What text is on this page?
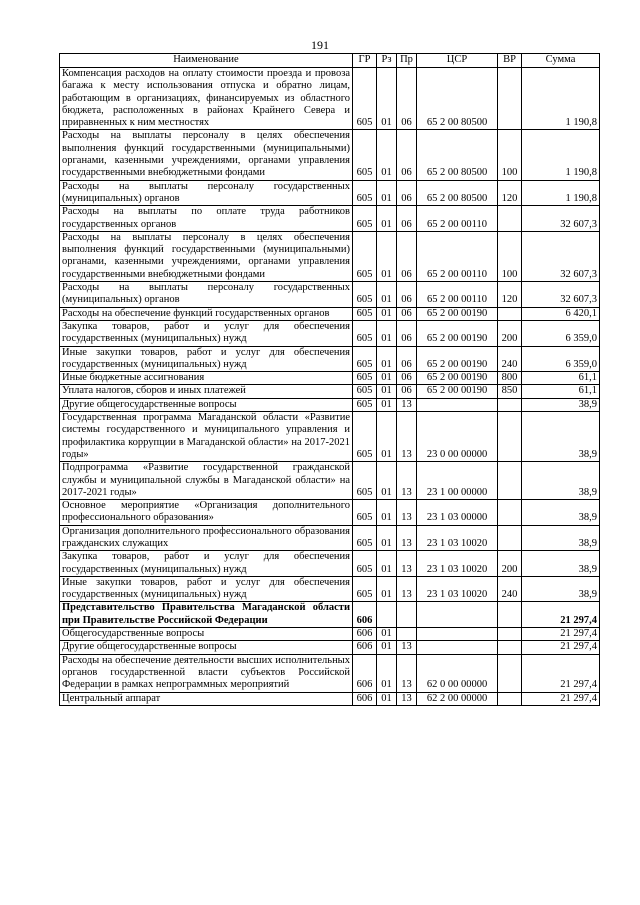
191
Наименование	ГР	Рз	Пр	ЦСР	ВР	Сумма
Компенсация расходов на оплату стоимости проезда и провоза багажа к месту использования отпуска и обратно лицам, работающим в организациях, финансируемых из областного бюджета, расположенных в районах Крайнего Севера и приравненных к ним местностях	605	01	06	65 2 00 80500		1 190,8
Расходы на выплаты персоналу в целях обеспечения выполнения функций государственными (муниципальными) органами, казенными учреждениями, органами управления государственными внебюджетными фондами	605	01	06	65 2 00 80500	100	1 190,8
Расходы на выплаты персоналу государственных (муниципальных) органов	605	01	06	65 2 00 80500	120	1 190,8
Расходы на выплаты по оплате труда работников государственных органов	605	01	06	65 2 00 00110		32 607,3
Расходы на выплаты персоналу в целях обеспечения выполнения функций государственными (муниципальными) органами, казенными учреждениями, органами управления государственными внебюджетными фондами	605	01	06	65 2 00 00110	100	32 607,3
Расходы на выплаты персоналу государственных (муниципальных) органов	605	01	06	65 2 00 00110	120	32 607,3
Расходы на обеспечение функций государственных органов	605	01	06	65 2 00 00190		6 420,1
Закупка товаров, работ и услуг для обеспечения государственных (муниципальных) нужд	605	01	06	65 2 00 00190	200	6 359,0
Иные закупки товаров, работ и услуг для обеспечения государственных (муниципальных) нужд	605	01	06	65 2 00 00190	240	6 359,0
Иные бюджетные ассигнования	605	01	06	65 2 00 00190	800	61,1
Уплата налогов, сборов и иных платежей	605	01	06	65 2 00 00190	850	61,1
Другие общегосударственные вопросы	605	01	13			38,9
Государственная программа Магаданской области «Развитие системы государственного и муниципального управления и профилактика коррупции в Магаданской области» на 2017-2021 годы»	605	01	13	23 0 00 00000		38,9
Подпрограмма «Развитие государственной гражданской службы и муниципальной службы в Магаданской области» на 2017-2021 годы»	605	01	13	23 1 00 00000		38,9
Основное мероприятие «Организация дополнительного профессионального образования»	605	01	13	23 1 03 00000		38,9
Организация дополнительного профессионального образования гражданских служащих	605	01	13	23 1 03 10020		38,9
Закупка товаров, работ и услуг для обеспечения государственных (муниципальных) нужд	605	01	13	23 1 03 10020	200	38,9
Иные закупки товаров, работ и услуг для обеспечения государственных (муниципальных) нужд	605	01	13	23 1 03 10020	240	38,9
Представительство Правительства Магаданской области при Правительстве Российской Федерации	606					21 297,4
Общегосударственные вопросы	606	01				21 297,4
Другие общегосударственные вопросы	606	01	13			21 297,4
Расходы на обеспечение деятельности высших исполнительных органов государственной власти субъектов Российской Федерации в рамках непрограммных мероприятий	606	01	13	62 0 00 00000		21 297,4
Центральный аппарат	606	01	13	62 2 00 00000		21 297,4
